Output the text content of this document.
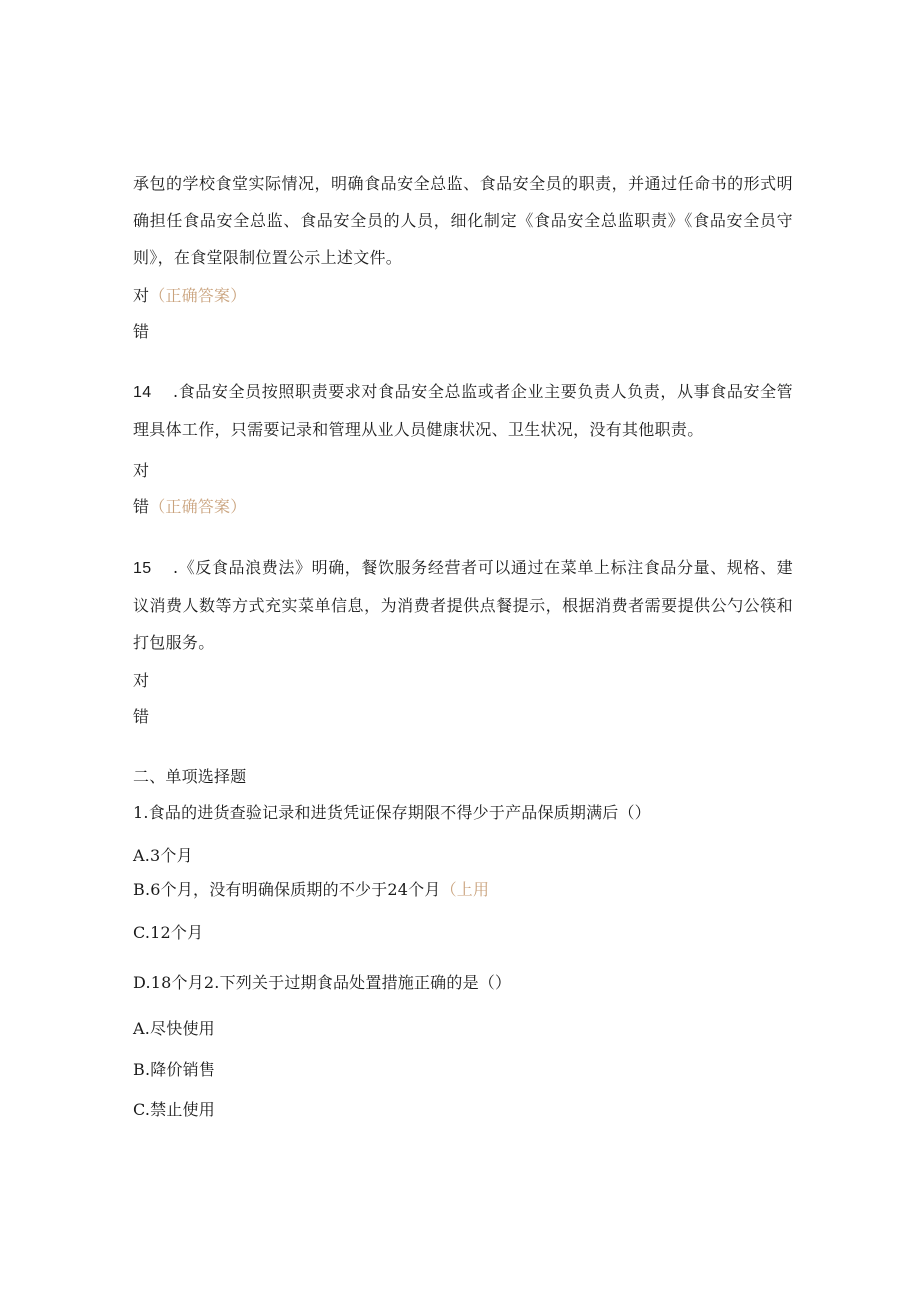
承包的学校食堂实际情况，明确食品安全总监、食品安全员的职责，并通过任命书的形式明确担任食品安全总监、食品安全员的人员，细化制定《食品安全总监职责》《食品安全员守则》，在食堂限制位置公示上述文件。
对（正确答案）
错
14 .食品安全员按照职责要求对食品安全总监或者企业主要负责人负责，从事食品安全管理具体工作，只需要记录和管理从业人员健康状况、卫生状况，没有其他职责。
对
错（正确答案）
15 .《反食品浪费法》明确，餐饮服务经营者可以通过在菜单上标注食品分量、规格、建议消费人数等方式充实菜单信息，为消费者提供点餐提示，根据消费者需要提供公勺公筷和打包服务。
对
错
二、单项选择题
1.食品的进货查验记录和进货凭证保存期限不得少于产品保质期满后（）
A.3个月
B.6个月，没有明确保质期的不少于24个月（上用
C.12个月
D.18个月2.下列关于过期食品处置措施正确的是（）
A.尽快使用
B.降价销售
C.禁止使用
